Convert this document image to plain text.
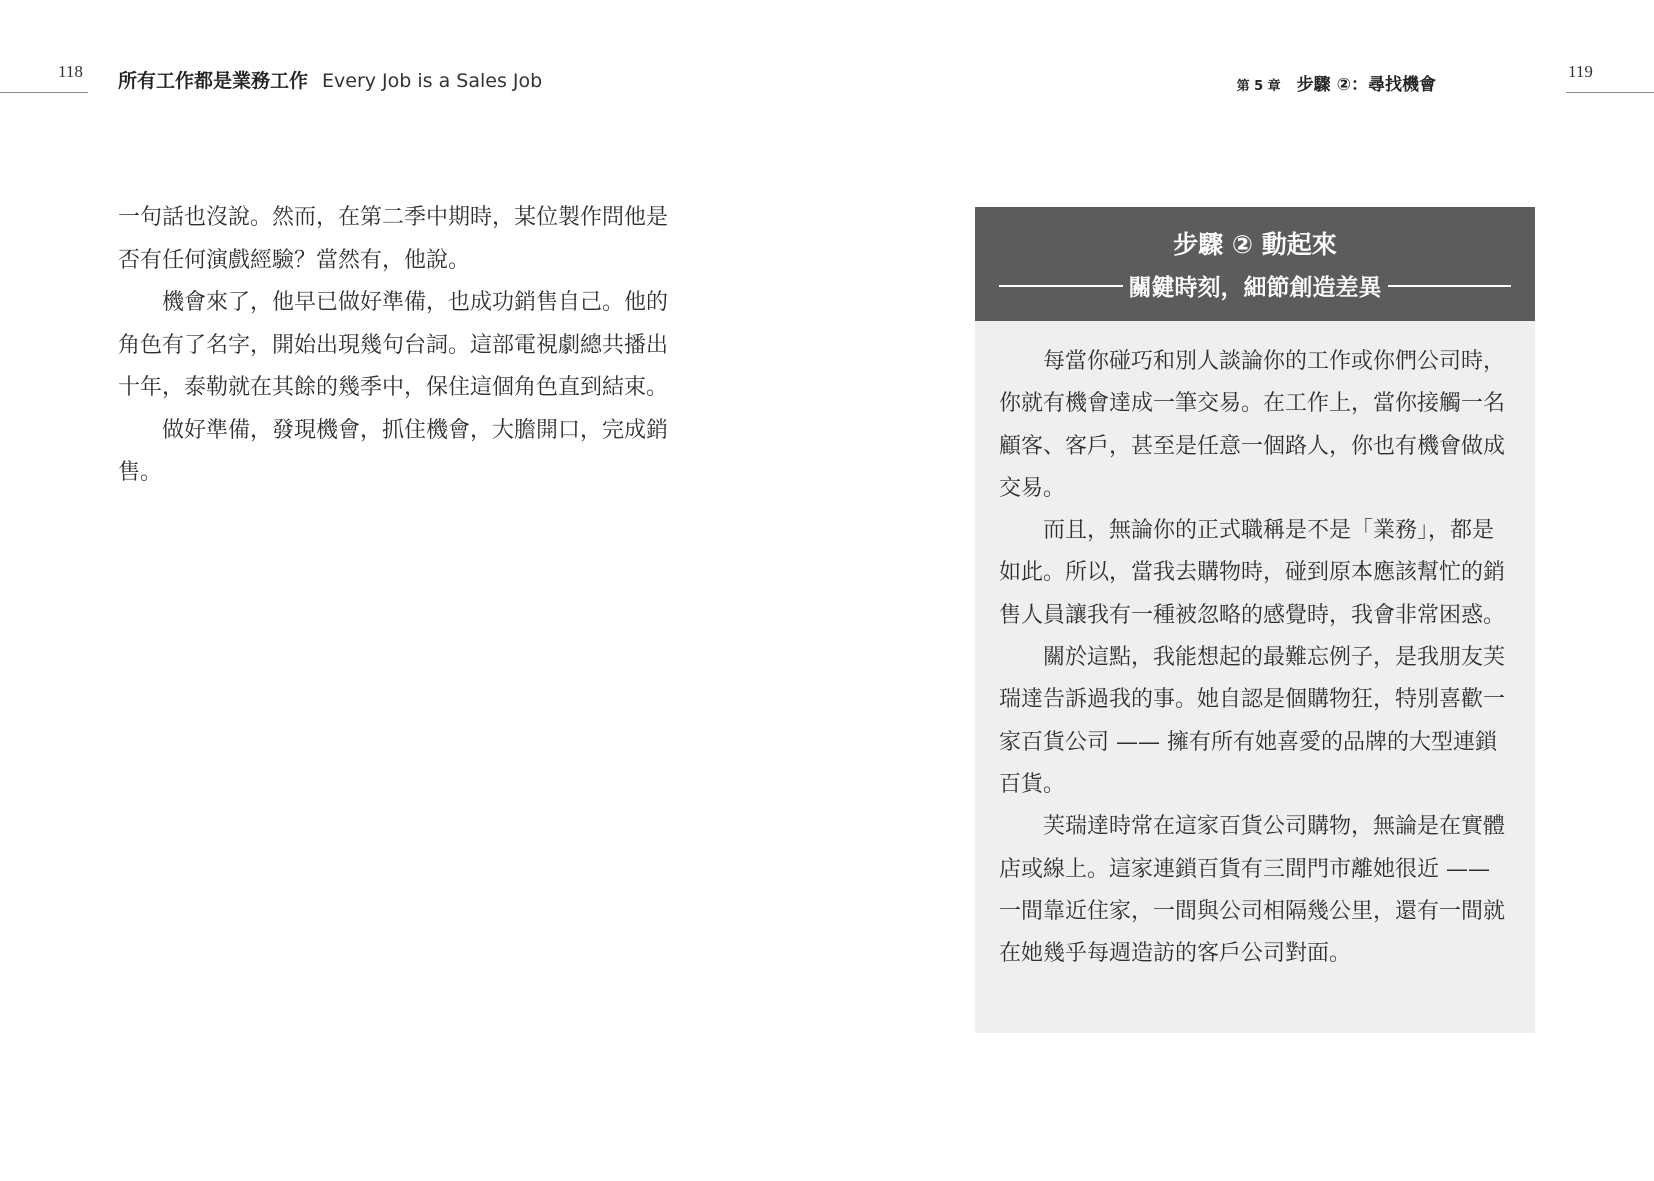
118 所有工作都是業務工作 Every Job is a Sales Job	第 5 章 步驟 ②：尋找機會
119

一句話也沒說。然而，在第二季中期時，某位製作問他是否有任何演戲經驗？當然有，他說。

機會來了，他早已做好準備，也成功銷售自己。他的角色有了名字，開始出現幾句台詞。這部電視劇總共播出十年，泰勒就在其餘的幾季中，保住這個角色直到結束。

做好準備，發現機會，抓住機會，大膽開口，完成銷售。

步驟 ② 動起來
關鍵時刻，細節創造差異

每當你碰巧和別人談論你的工作或你們公司時，你就有機會達成一筆交易。在工作上，當你接觸一名顧客、客戶，甚至是任意一個路人，你也有機會做成交易。

而且，無論你的正式職稱是不是「業務」，都是如此。所以，當我去購物時，碰到原本應該幫忙的銷售人員讓我有一種被忽略的感覺時，我會非常困惑。

關於這點，我能想起的最難忘例子，是我朋友芙瑞達告訴過我的事。她自認是個購物狂，特別喜歡一家百貨公司 —— 擁有所有她喜愛的品牌的大型連鎖百貨。

芙瑞達時常在這家百貨公司購物，無論是在實體店或線上。這家連鎖百貨有三間門市離她很近 —— 一間靠近住家，一間與公司相隔幾公里，還有一間就在她幾乎每週造訪的客戶公司對面。
